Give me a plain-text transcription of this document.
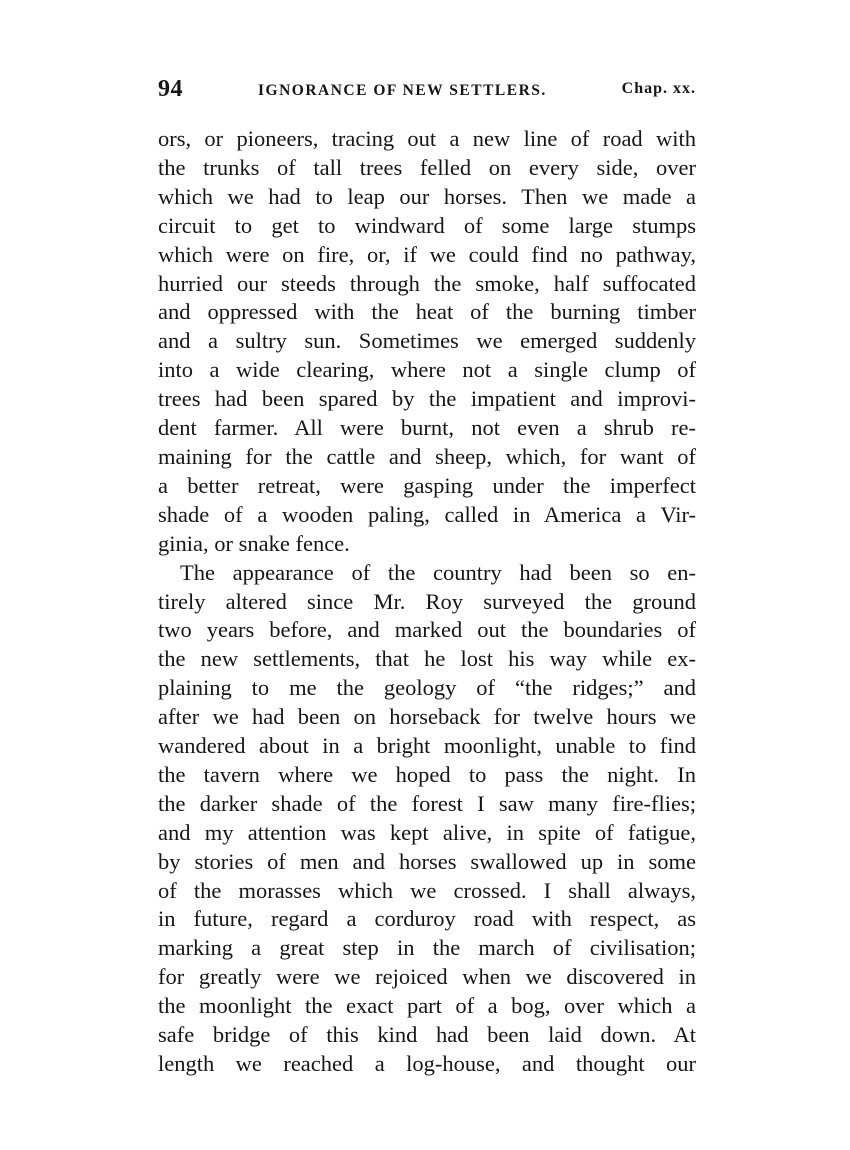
94	IGNORANCE OF NEW SETTLERS.	Chap. xx.
ors, or pioneers, tracing out a new line of road with
the trunks of tall trees felled on every side, over
which we had to leap our horses. Then we made a
circuit to get to windward of some large stumps
which were on fire, or, if we could find no pathway,
hurried our steeds through the smoke, half suffocated
and oppressed with the heat of the burning timber
and a sultry sun. Sometimes we emerged suddenly
into a wide clearing, where not a single clump of
trees had been spared by the impatient and improvi-
dent farmer. All were burnt, not even a shrub re-
maining for the cattle and sheep, which, for want of
a better retreat, were gasping under the imperfect
shade of a wooden paling, called in America a Vir-
ginia, or snake fence.
The appearance of the country had been so en-
tirely altered since Mr. Roy surveyed the ground
two years before, and marked out the boundaries of
the new settlements, that he lost his way while ex-
plaining to me the geology of “the ridges;” and
after we had been on horseback for twelve hours we
wandered about in a bright moonlight, unable to find
the tavern where we hoped to pass the night. In
the darker shade of the forest I saw many fire-flies;
and my attention was kept alive, in spite of fatigue,
by stories of men and horses swallowed up in some
of the morasses which we crossed. I shall always,
in future, regard a corduroy road with respect, as
marking a great step in the march of civilisation;
for greatly were we rejoiced when we discovered in
the moonlight the exact part of a bog, over which a
safe bridge of this kind had been laid down. At
length we reached a log-house, and thought our
